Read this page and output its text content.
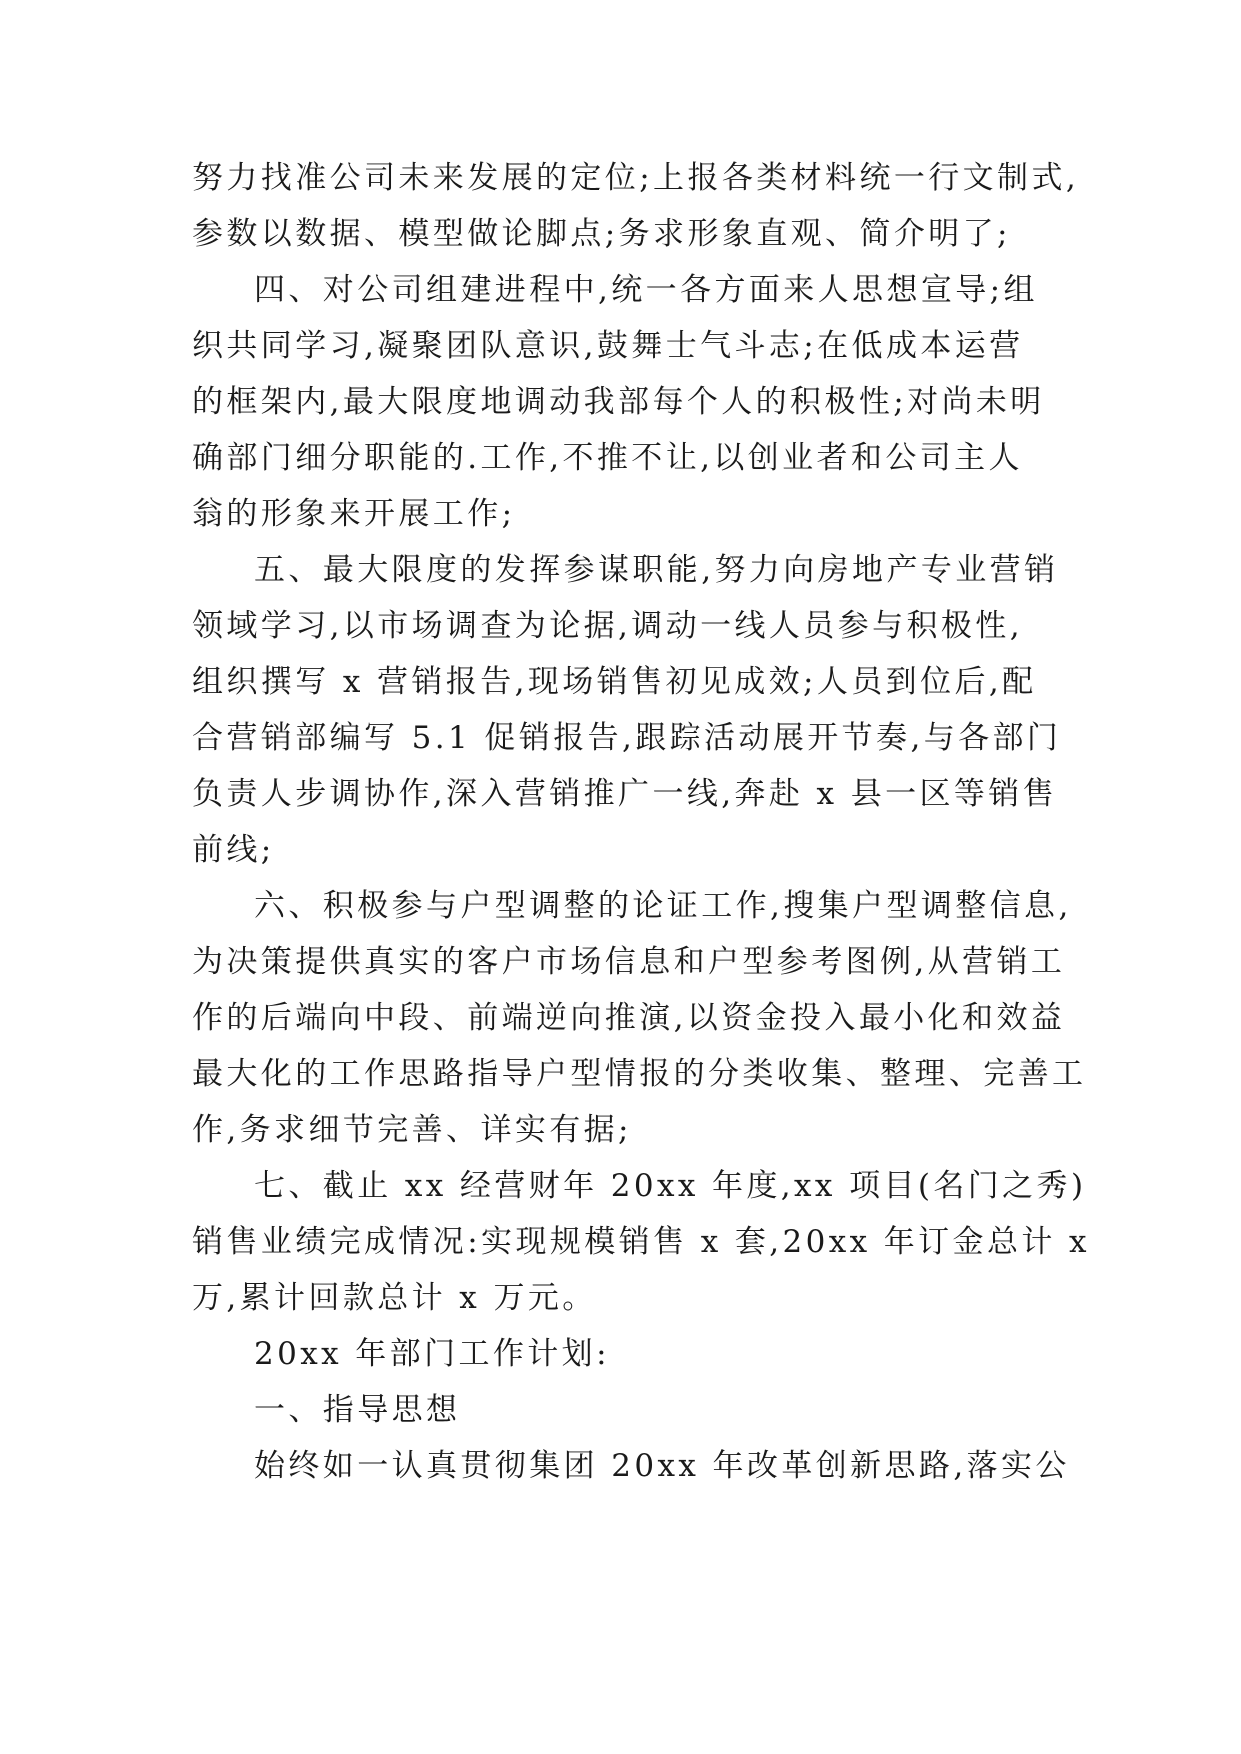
努力找准公司未来发展的定位;上报各类材料统一行文制式,
参数以数据、模型做论脚点;务求形象直观、简介明了;
四、对公司组建进程中,统一各方面来人思想宣导;组
织共同学习,凝聚团队意识,鼓舞士气斗志;在低成本运营
的框架内,最大限度地调动我部每个人的积极性;对尚未明
确部门细分职能的.工作,不推不让,以创业者和公司主人
翁的形象来开展工作;
五、最大限度的发挥参谋职能,努力向房地产专业营销
领域学习,以市场调查为论据,调动一线人员参与积极性,
组织撰写 x 营销报告,现场销售初见成效;人员到位后,配
合营销部编写 5.1 促销报告,跟踪活动展开节奏,与各部门
负责人步调协作,深入营销推广一线,奔赴 x 县一区等销售
前线;
六、积极参与户型调整的论证工作,搜集户型调整信息,
为决策提供真实的客户市场信息和户型参考图例,从营销工
作的后端向中段、前端逆向推演,以资金投入最小化和效益
最大化的工作思路指导户型情报的分类收集、整理、完善工
作,务求细节完善、详实有据;
七、截止 xx 经营财年 20xx 年度,xx 项目(名门之秀)
销售业绩完成情况:实现规模销售 x 套,20xx 年订金总计 x
万,累计回款总计 x 万元。
20xx 年部门工作计划:
一、指导思想
始终如一认真贯彻集团 20xx 年改革创新思路,落实公
